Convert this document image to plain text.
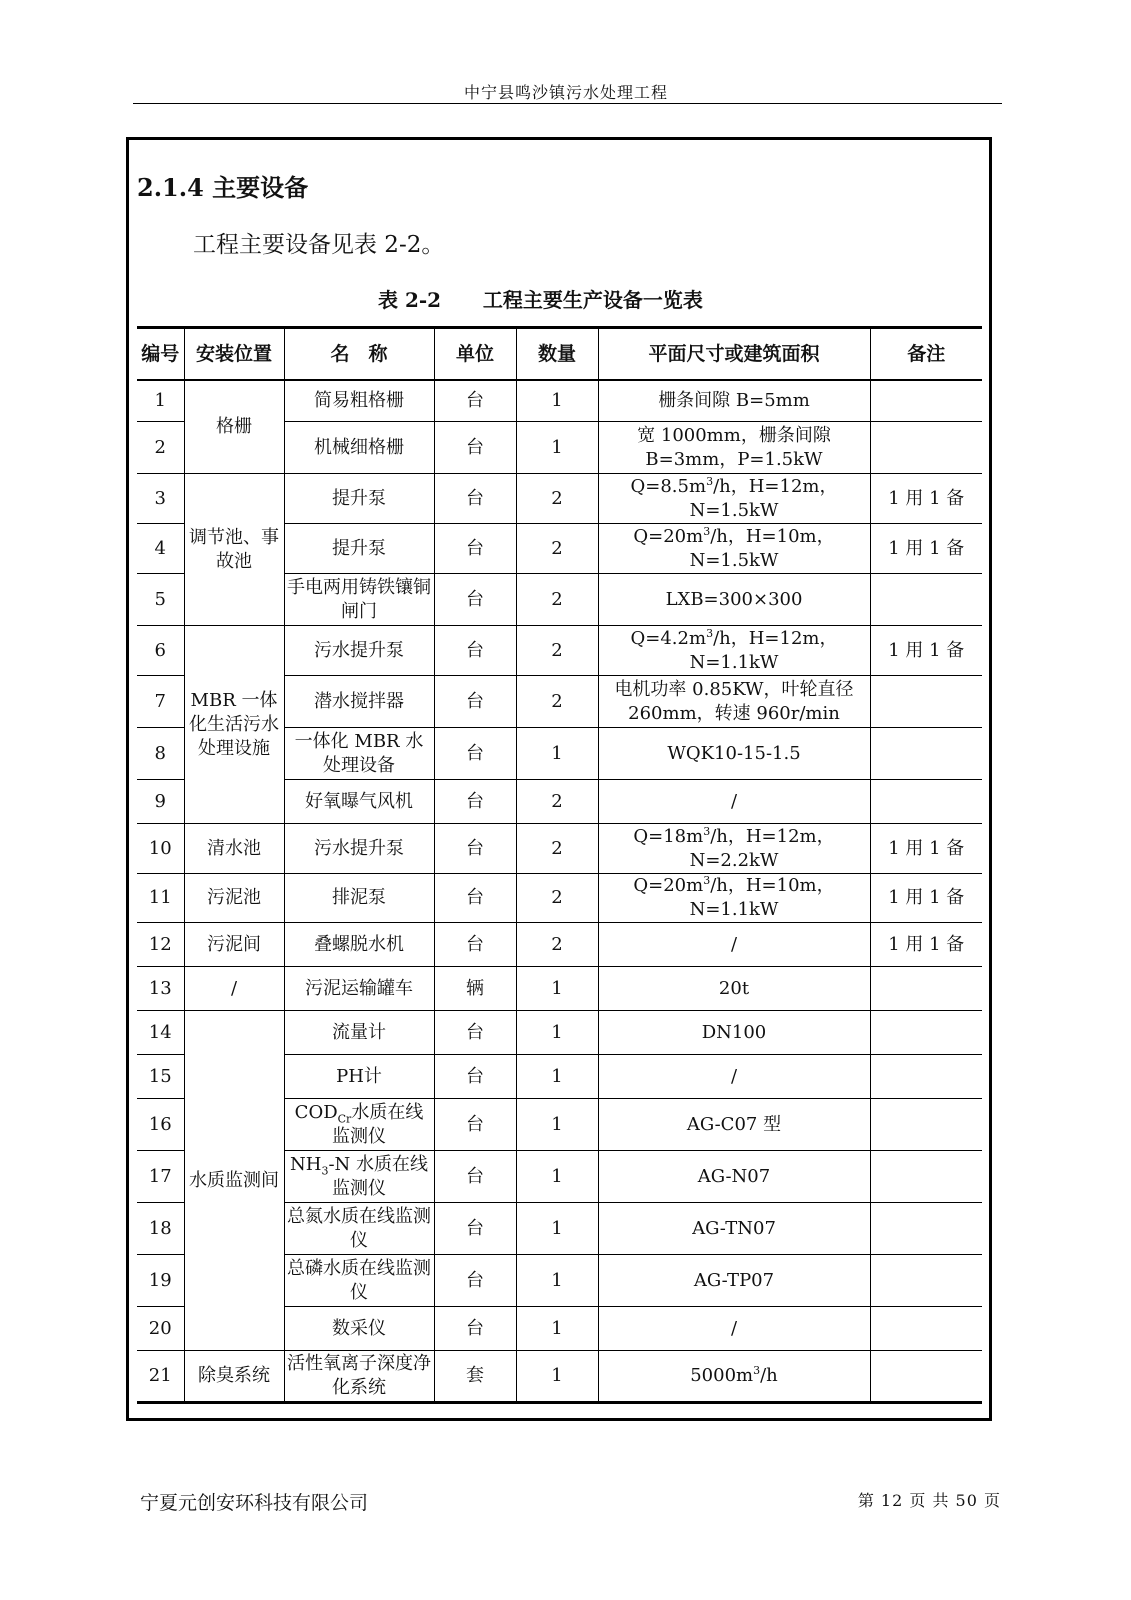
中宁县鸣沙镇污水处理工程
2.1.4 主要设备
工程主要设备见表 2-2。
表 2-2      工程主要生产设备一览表
编号	安装位置	名　称	单位	数量	平面尺寸或建筑面积	备注
1	格栅	简易粗格栅	台	1	栅条间隙 B=5mm	
2		机械细格栅	台	1	宽 1000mm，栅条间隙 B=3mm，P=1.5kW	
3	调节池、事故池	提升泵	台	2	$Q=8.5m^3/h$，H=12m，N=1.5kW	1 用 1 备
4		提升泵	台	2	$Q=20m^3/h$，H=10m，N=1.5kW	1 用 1 备
5		手电两用铸铁镶铜闸门	台	2	LXB=300×300	
6	MBR 一体化生活污水处理设施	污水提升泵	台	2	$Q=4.2m^3/h$，H=12m，N=1.1kW	1 用 1 备
7		潜水搅拌器	台	2	电机功率 0.85KW，叶轮直径 260mm，转速 960r/min	
8		一体化 MBR 水处理设备	台	1	WQK10-15-1.5	
9		好氧曝气风机	台	2	/	
10	清水池	污水提升泵	台	2	$Q=18m^3/h$，H=12m，N=2.2kW	1 用 1 备
11	污泥池	排泥泵	台	2	$Q=20m^3/h$，H=10m，N=1.1kW	1 用 1 备
12	污泥间	叠螺脱水机	台	2	/	1 用 1 备
13	/	污泥运输罐车	辆	1	20t	
14	水质监测间	流量计	台	1	DN100	
15		PH计	台	1	/	
16		$COD_{Cr}$水质在线监测仪	台	1	AG-C07 型	
17		$NH_3-N$ 水质在线监测仪	台	1	AG-N07	
18		总氮水质在线监测仪	台	1	AG-TN07	
19		总磷水质在线监测仪	台	1	AG-TP07	
20		数采仪	台	1	/	
21	除臭系统	活性氧离子深度净化系统	套	1	$5000m^3/h$	
宁夏元创安环科技有限公司	第 12 页 共 50 页
